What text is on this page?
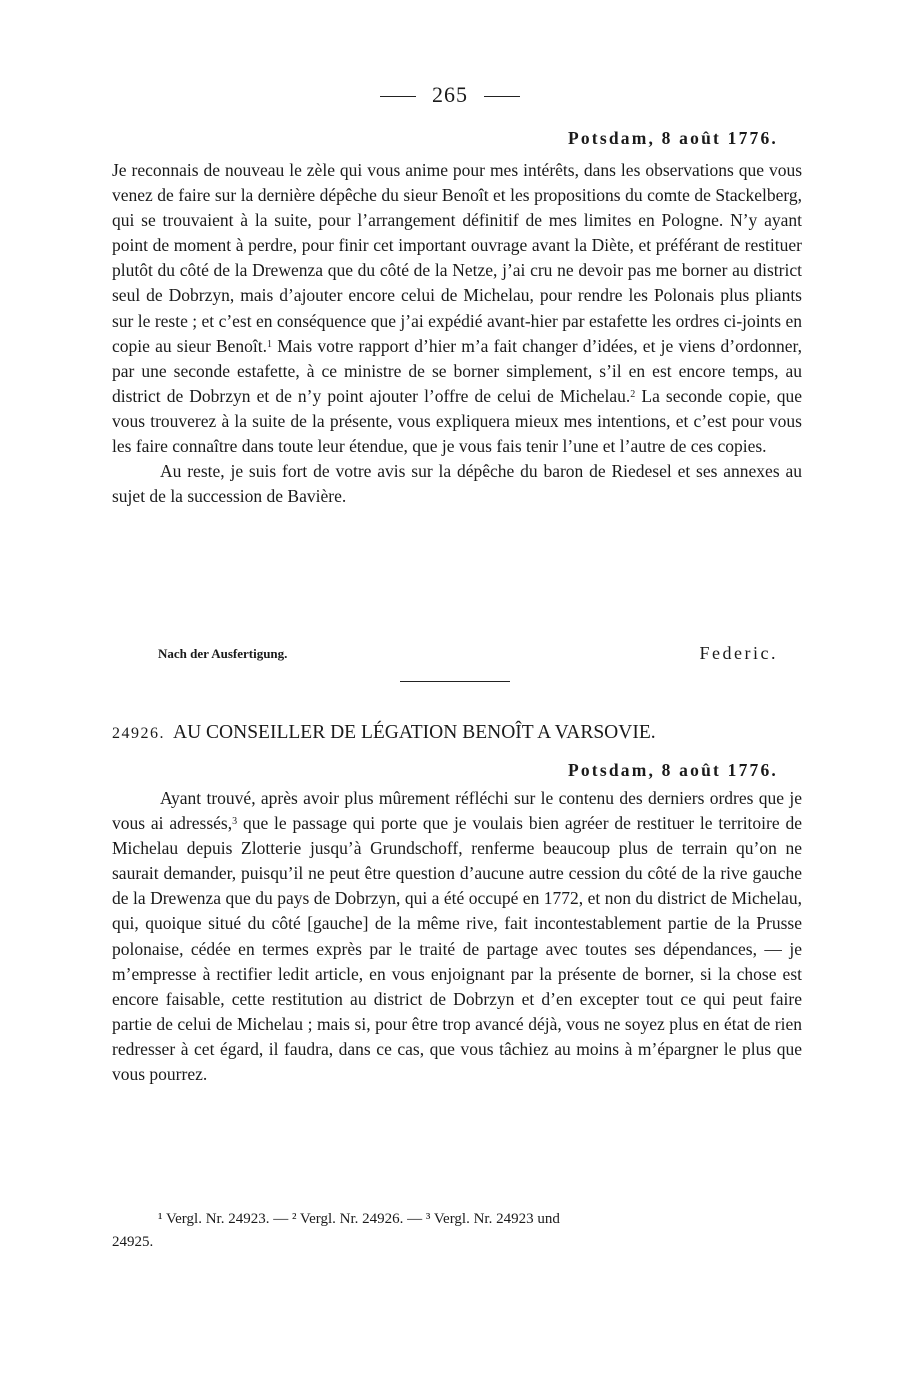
265
Potsdam, 8 août 1776.

Je reconnais de nouveau le zèle qui vous anime pour mes intérêts, dans les observations que vous venez de faire sur la dernière dépêche du sieur Benoît et les propositions du comte de Stackelberg, qui se trouvaient à la suite, pour l’arrangement définitif de mes limites en Pologne. N’y ayant point de moment à perdre, pour finir cet important ouvrage avant la Diète, et préférant de restituer plutôt du côté de la Drewenza que du côté de la Netze, j’ai cru ne devoir pas me borner au district seul de Dobrzyn, mais d’ajouter encore celui de Michelau, pour rendre les Polonais plus pliants sur le reste ; et c’est en conséquence que j’ai expédié avant-hier par estafette les ordres ci-joints en copie au sieur Benoît.$^1$ Mais votre rapport d’hier m’a fait changer d’idées, et je viens d’ordonner, par une seconde estafette, à ce ministre de se borner simplement, s’il en est encore temps, au district de Dobrzyn et de n’y point ajouter l’offre de celui de Michelau.$^2$ La seconde copie, que vous trouverez à la suite de la présente, vous expliquera mieux mes intentions, et c’est pour vous les faire connaître dans toute leur étendue, que je vous fais tenir l’une et l’autre de ces copies.

Au reste, je suis fort de votre avis sur la dépêche du baron de Riedesel et ses annexes au sujet de la succession de Bavière.

Nach der Ausfertigung.	Federic.
24926. AU CONSEILLER DE LÉGATION BENOÎT A VARSOVIE.
Potsdam, 8 août 1776.

Ayant trouvé, après avoir plus mûrement réfléchi sur le contenu des derniers ordres que je vous ai adressés,$^3$ que le passage qui porte que je voulais bien agréer de restituer le territoire de Michelau depuis Zlotterie jusqu’à Grundschoff, renferme beaucoup plus de terrain qu’on ne saurait demander, puisqu’il ne peut être question d’aucune autre cession du côté de la rive gauche de la Drewenza que du pays de Dobrzyn, qui a été occupé en 1772, et non du district de Michelau, qui, quoique situé du côté [gauche] de la même rive, fait incontestablement partie de la Prusse polonaise, cédée en termes exprès par le traité de partage avec toutes ses dépendances, — je m’empresse à rectifier ledit article, en vous enjoignant par la présente de borner, si la chose est encore faisable, cette restitution au district de Dobrzyn et d’en excepter tout ce qui peut faire partie de celui de Michelau ; mais si, pour être trop avancé déjà, vous ne soyez plus en état de rien redresser à cet égard, il faudra, dans ce cas, que vous tâchiez au moins à m’épargner le plus que vous pourrez.

¹ Vergl. Nr. 24923. — ² Vergl. Nr. 24926. — ³ Vergl. Nr. 24923 und
24925.
